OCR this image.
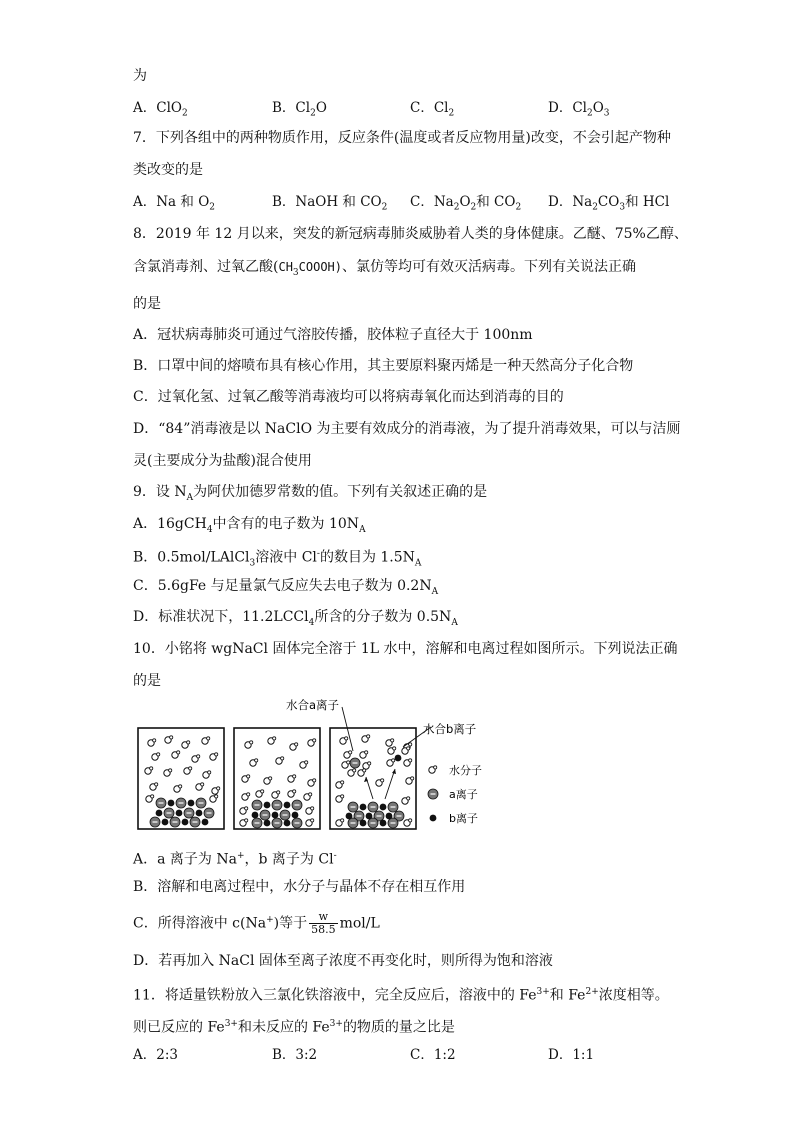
为
A．ClO$_2$	B．$Cl_2O$	C．$Cl_2$	D．$Cl_2O_3$
7．下列各组中的两种物质作用，反应条件(温度或者反应物用量)改变，不会引起产物种
类改变的是
A．Na 和 $O_2$	B．NaOH 和 $CO_2$ C．$Na_2O_2$和 $CO_2$ D．$Na_2CO_3$和 HCl
8．2019 年 12 月以来，突发的新冠病毒肺炎威胁着人类的身体健康。乙醚、75%乙醇、
含氯消毒剂、过氧乙酸$(CH_3COOOH)$、氯仿等均可有效灭活病毒。下列有关说法正确
的是
A．冠状病毒肺炎可通过气溶胶传播，胶体粒子直径大于 100nm
B．口罩中间的熔喷布具有核心作用，其主要原料聚丙烯是一种天然高分子化合物
C．过氧化氢、过氧乙酸等消毒液均可以将病毒氧化而达到消毒的目的
D．“84”消毒液是以 NaClO 为主要有效成分的消毒液，为了提升消毒效果，可以与洁厕
灵(主要成分为盐酸)混合使用
9．设 $N_A$为阿伏加德罗常数的值。下列有关叙述正确的是
A．16gCH$_4$中含有的电子数为 $10N_A$
B．0.5mol/LAlCl$_3$溶液中 Cl-的数目为 $1.5N_A$
C．5.6gFe 与足量氯气反应失去电子数为 $0.2N_A$
D．标准状况下，11.2LCCl$_4$所含的分子数为 $0.5N_A$
10．小铭将 wgNaCl 固体完全溶于 1L 水中，溶解和电离过程如图所示。下列说法正确
的是
水合a离子
水合b离子
水分子
a离子
b离子
A．a 离子为 Na+，b 离子为 Cl-
B．溶解和电离过程中，水分子与晶体不存在相互作用
C．所得溶液中 c(Na+)等于 $\frac{w}{58.5} mol/L$
D．若再加入 NaCl 固体至离子浓度不再变化时，则所得为饱和溶液
11．将适量铁粉放入三氯化铁溶液中，完全反应后，溶液中的 $Fe^{3+}$和 $Fe^{2+}$浓度相等。
则已反应的 $Fe^{3+}$和未反应的 $Fe^{3+}$的物质的量之比是
A．2:3	B．3:2	C．1:2	D．1:1
